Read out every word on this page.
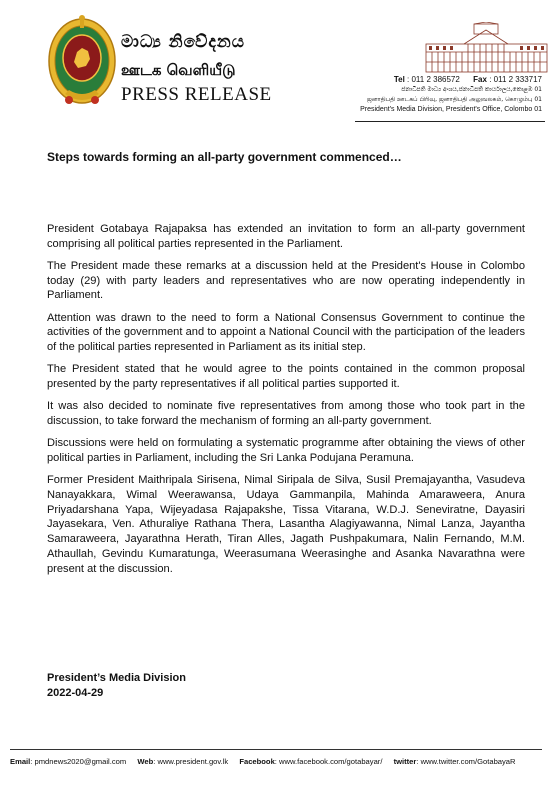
මාධ්‍ය නිවේදනය
ஊடக வெளியீடு
PRESS RELEASE
Tel : 011 2 386572 Fax : 011 2 333717
ජනාධිපති මාධ්‍ය අංශය,ජනාධිපති කාර්යාලය,කොළඹ 01
ஜனாதிபதி ஊடகப் பிரிவு, ஜனாதிபதி அலுவலகம், கொழும்பு 01
President's Media Division, President's Office, Colombo 01
Steps towards forming an all-party government commenced…

President Gotabaya Rajapaksa has extended an invitation to form an all-party government comprising all political parties represented in the Parliament.

The President made these remarks at a discussion held at the President's House in Colombo today (29) with party leaders and representatives who are now operating independently in Parliament.

Attention was drawn to the need to form a National Consensus Government to continue the activities of the government and to appoint a National Council with the participation of the leaders of the political parties represented in Parliament as its initial step.

The President stated that he would agree to the points contained in the common proposal presented by the party representatives if all political parties supported it.

It was also decided to nominate five representatives from among those who took part in the discussion, to take forward the mechanism of forming an all-party government.

Discussions were held on formulating a systematic programme after obtaining the views of other political parties in Parliament, including the Sri Lanka Podujana Peramuna.

Former President Maithripala Sirisena, Nimal Siripala de Silva, Susil Premajayantha, Vasudeva Nanayakkara, Wimal Weerawansa, Udaya Gammanpila, Mahinda Amaraweera, Anura Priyadarshana Yapa, Wijeyadasa Rajapakshe, Tissa Vitarana, W.D.J. Seneviratne, Dayasiri Jayasekara, Ven. Athuraliye Rathana Thera, Lasantha Alagiyawanna, Nimal Lanza, Jayantha Samaraweera, Jayarathna Herath, Tiran Alles, Jagath Pushpakumara, Nalin Fernando, M.M. Athaullah, Gevindu Kumaratunga, Weerasumana Weerasinghe and Asanka Navarathna were present at the discussion.

President’s Media Division
2022-04-29
Email: pmdnews2020@gmail.com Web: www.president.gov.lk Facebook: www.facebook.com/gotabayar/ twitter: www.twitter.com/GotabayaR
